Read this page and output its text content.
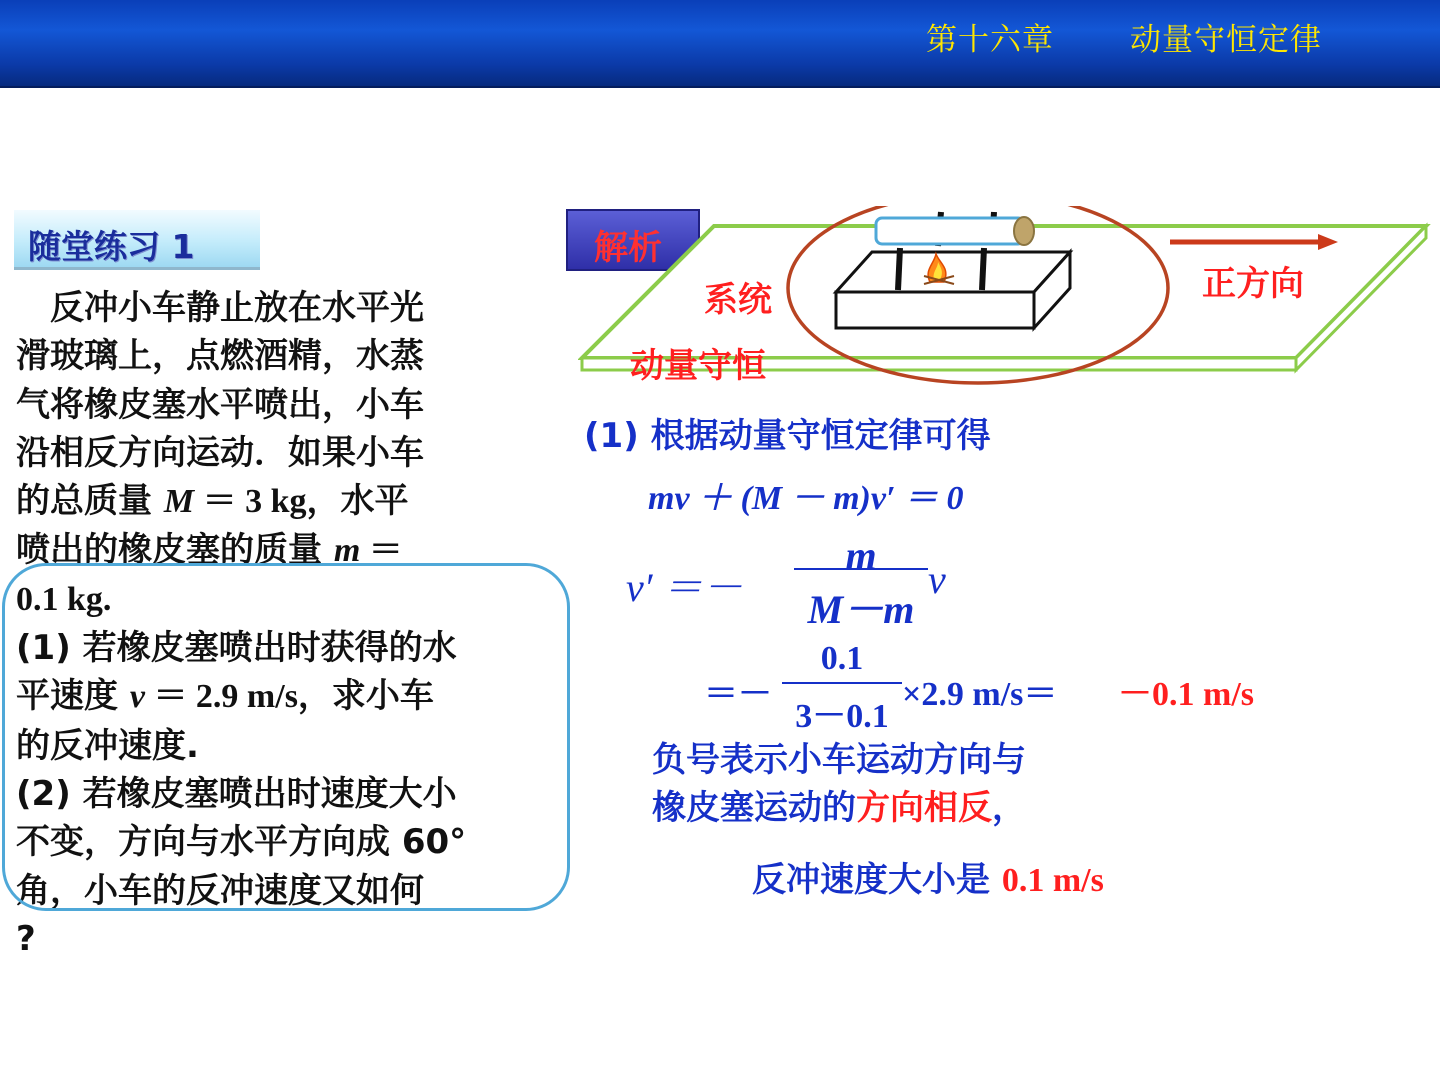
第十六章 动量守恒定律
随堂练习 1

　反冲小车静止放在水平光

滑玻璃上，点燃酒精，水蒸

气将橡皮塞水平喷出，小车

沿相反方向运动．如果小车

的总质量 M ＝ 3 kg，水平

喷出的橡皮塞的质量 m ＝

0.1 kg.

(1) 若橡皮塞喷出时获得的水

平速度 v ＝ 2.9 m/s，求小车

的反冲速度.

(2) 若橡皮塞喷出时速度大小

不变，方向与水平方向成 60°

角，小车的反冲速度又如何

?

解析
系统
动量守恒
正方向
(1) 根据动量守恒定律可得
mv ＋ (M － m)v′ ＝ 0
v′ ＝－
m
M－m
v
＝－
0.1
3－0.1
×2.9 m/s＝ －0.1 m/s

负号表示小车运动方向与

橡皮塞运动的方向相反，

反冲速度大小是 0.1 m/s
